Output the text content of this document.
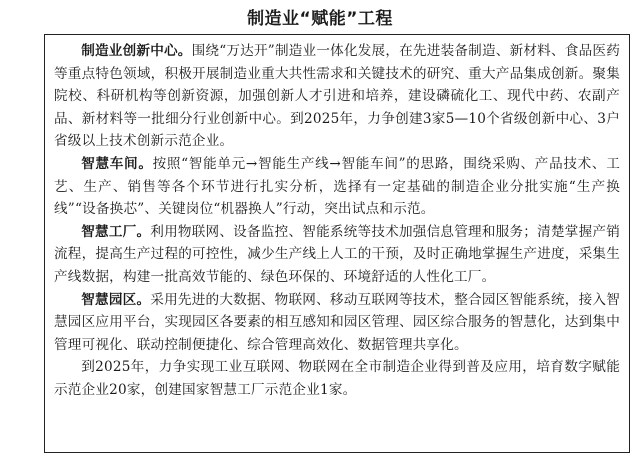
制造业“赋能”工程

制造业创新中心。围绕“万达开”制造业一体化发展，在先进装备制造、新材料、食品医药等重点特色领域，积极开展制造业重大共性需求和关键技术的研究、重大产品集成创新。聚集院校、科研机构等创新资源，加强创新人才引进和培养，建设磷硫化工、现代中药、农副产品、新材料等一批细分行业创新中心。到2025年，力争创建3家5—10个省级创新中心、3户省级以上技术创新示范企业。

智慧车间。按照“智能单元→智能生产线→智能车间”的思路，围绕采购、产品技术、工艺、生产、销售等各个环节进行扎实分析，选择有一定基础的制造企业分批实施“生产换线”“设备换芯”、关键岗位“机器换人”行动，突出试点和示范。

智慧工厂。利用物联网、设备监控、智能系统等技术加强信息管理和服务；清楚掌握产销流程，提高生产过程的可控性，减少生产线上人工的干预，及时正确地掌握生产进度，采集生产线数据，构建一批高效节能的、绿色环保的、环境舒适的人性化工厂。

智慧园区。采用先进的大数据、物联网、移动互联网等技术，整合园区智能系统，接入智慧园区应用平台，实现园区各要素的相互感知和园区管理、园区综合服务的智慧化，达到集中管理可视化、联动控制便捷化、综合管理高效化、数据管理共享化。

到2025年，力争实现工业互联网、物联网在全市制造企业得到普及应用，培育数字赋能示范企业20家，创建国家智慧工厂示范企业1家。
